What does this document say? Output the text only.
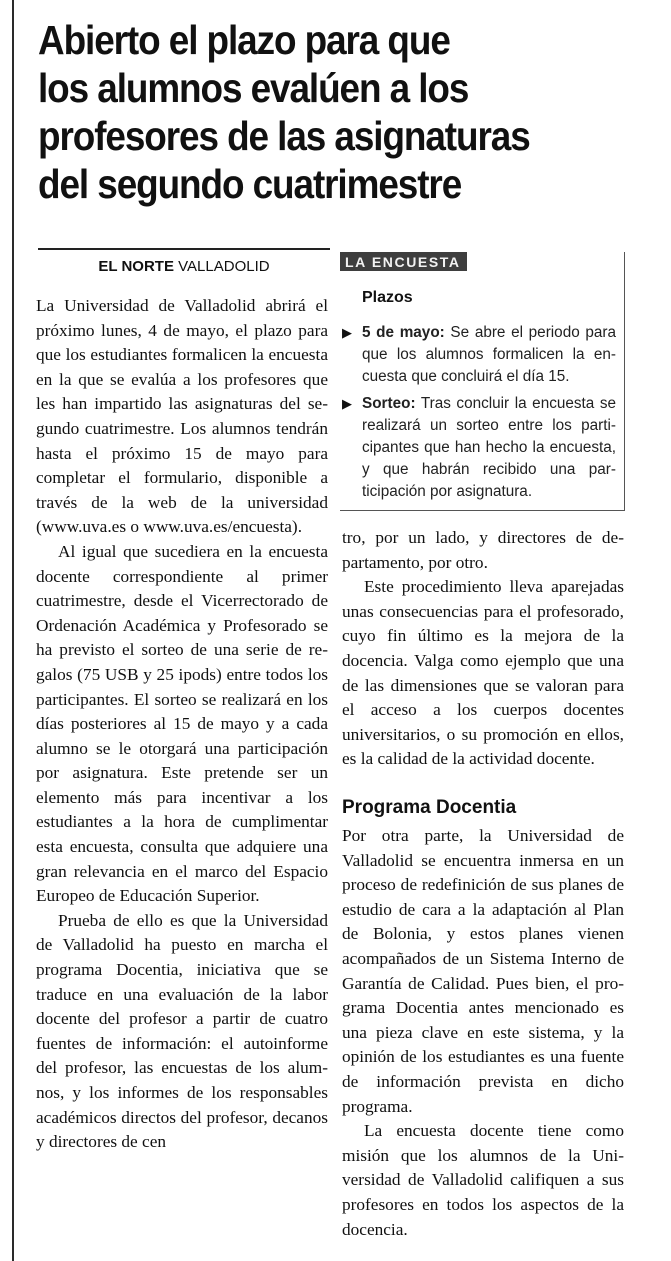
Abierto el plazo para que
los alumnos evalúen a los
profesores de las asignaturas
del segundo cuatrimestre
EL NORTE VALLADOLID

La Universidad de Valladolid abrirá el próximo lunes, 4 de mayo, el plazo para que los estudiantes formalicen la encuesta en la que se evalúa a los profesores que les han impartido las asignaturas del segundo cuatrimestre. Los alumnos tendrán hasta el próximo 15 de mayo para completar el formulario, disponible a través de la web de la universidad (www.uva.es o www.uva.es/encuesta).

Al igual que sucediera en la encuesta docente correspondiente al primer cuatrimestre, desde el Vicerrectorado de Ordenación Académica y Profesorado se ha previsto el sorteo de una serie de regalos (75 USB y 25 ipods) entre todos los participantes. El sorteo se realizará en los días posteriores al 15 de mayo y a cada alumno se le otorgará una participación por asignatura. Este pretende ser un elemento más para incentivar a los estudiantes a la hora de cumplimentar esta encuesta, consulta que adquiere una gran relevancia en el marco del Espacio Europeo de Educación Superior.

Prueba de ello es que la Universidad de Valladolid ha puesto en marcha el programa Docentia, iniciativa que se traduce en una evaluación de la labor docente del profesor a partir de cuatro fuentes de información: el autoinforme del profesor, las encuestas de los alumnos, y los informes de los responsables académicos directos del profesor, decanos y directores de cen

LA ENCUESTA
Plazos
▶ 5 de mayo: Se abre el periodo para que los alumnos formalicen la encuesta que concluirá el día 15.

▶ Sorteo: Tras concluir la encuesta se realizará un sorteo entre los participantes que han hecho la encuesta, y que habrán recibido una participación por asignatura.

tro, por un lado, y directores de departamento, por otro.

Este procedimiento lleva aparejadas unas consecuencias para el profesorado, cuyo fin último es la mejora de la docencia. Valga como ejemplo que una de las dimensiones que se valoran para el acceso a los cuerpos docentes universitarios, o su promoción en ellos, es la calidad de la actividad docente.

Programa Docentia

Por otra parte, la Universidad de Valladolid se encuentra inmersa en un proceso de redefinición de sus planes de estudio de cara a la adaptación al Plan de Bolonia, y estos planes vienen acompañados de un Sistema Interno de Garantía de Calidad. Pues bien, el programa Docentia antes mencionado es una pieza clave en este sistema, y la opinión de los estudiantes es una fuente de información prevista en dicho programa.

La encuesta docente tiene como misión que los alumnos de la Universidad de Valladolid califiquen a sus profesores en todos los aspectos de la docencia.
